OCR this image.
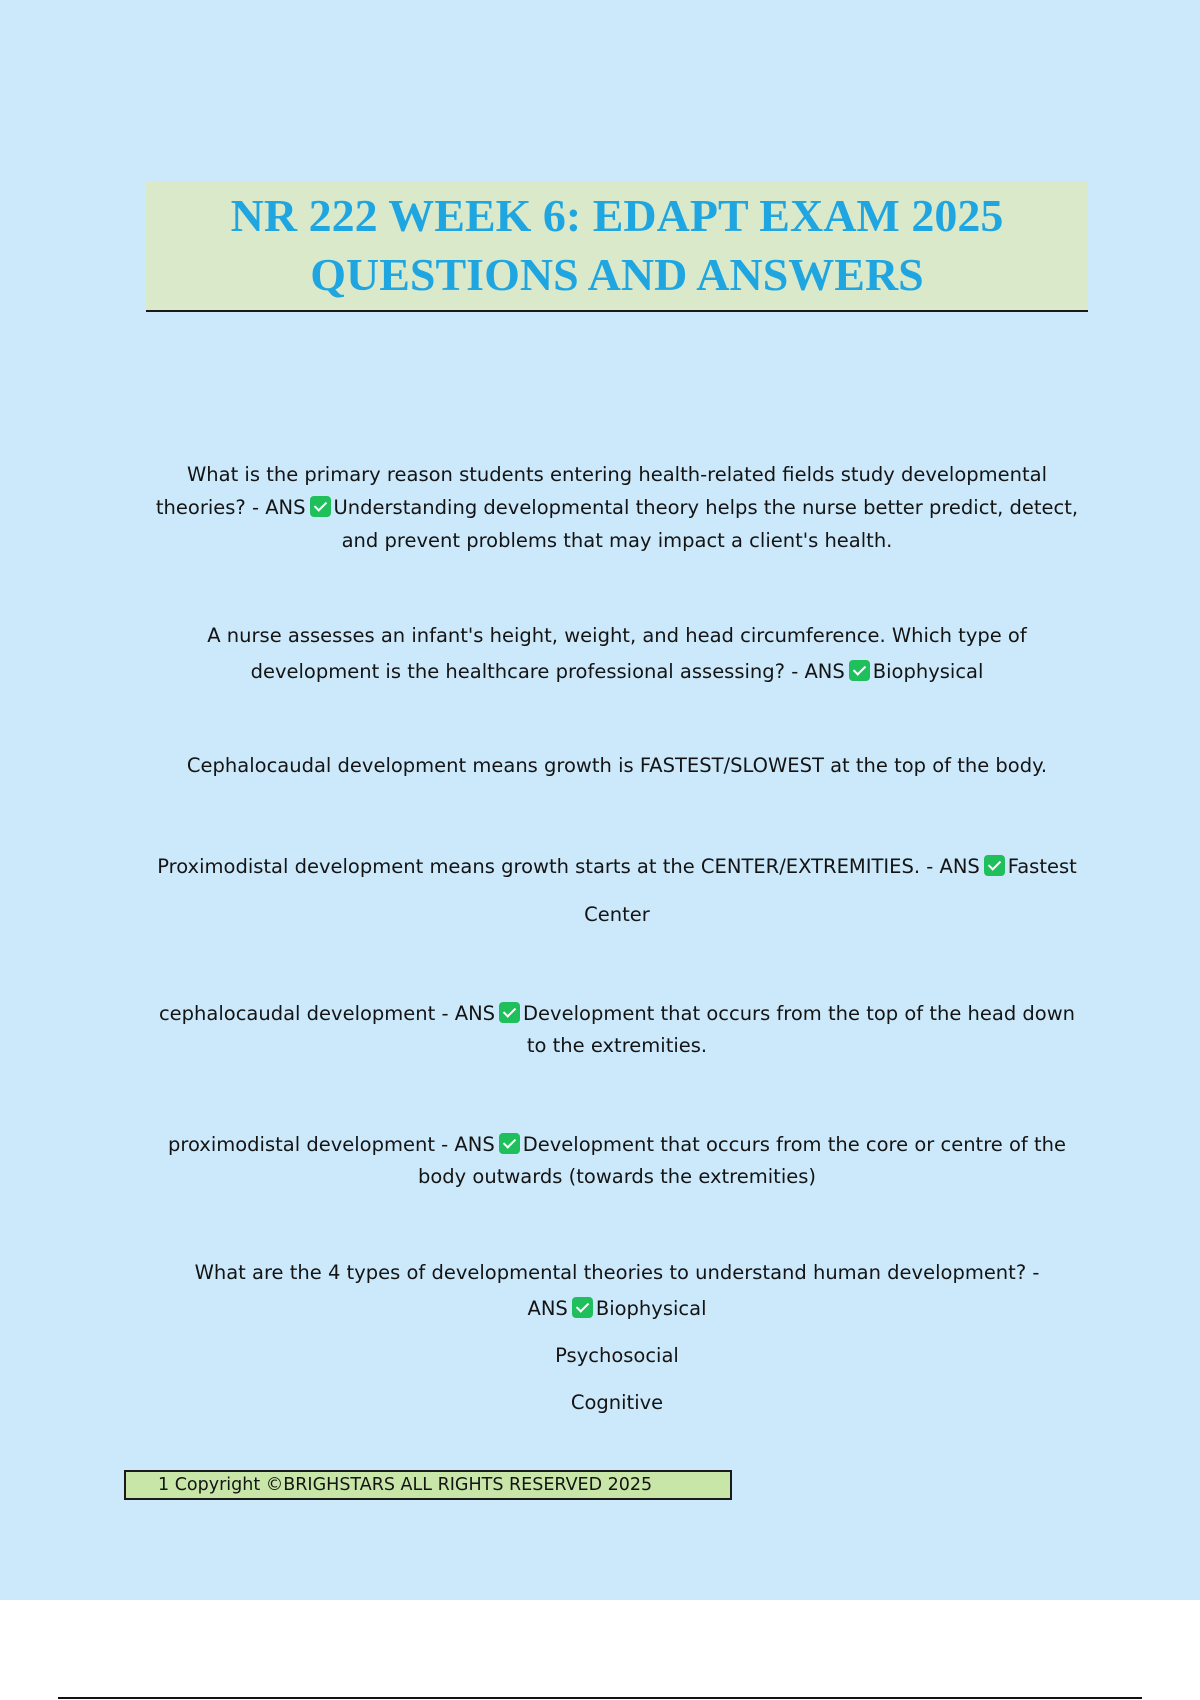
NR 222 WEEK 6: EDAPT EXAM 2025
QUESTIONS AND ANSWERS
What is the primary reason students entering health-related fields study developmental
theories? - ANS Understanding developmental theory helps the nurse better predict, detect,
and prevent problems that may impact a client's health.
A nurse assesses an infant's height, weight, and head circumference. Which type of
development is the healthcare professional assessing? - ANS Biophysical
Cephalocaudal development means growth is FASTEST/SLOWEST at the top of the body.
Proximodistal development means growth starts at the CENTER/EXTREMITIES. - ANS Fastest
Center
cephalocaudal development - ANS Development that occurs from the top of the head down
to the extremities.
proximodistal development - ANS Development that occurs from the core or centre of the
body outwards (towards the extremities)
What are the 4 types of developmental theories to understand human development? -
ANS Biophysical
Psychosocial
Cognitive
1 Copyright ©BRIGHSTARS ALL RIGHTS RESERVED 2025
